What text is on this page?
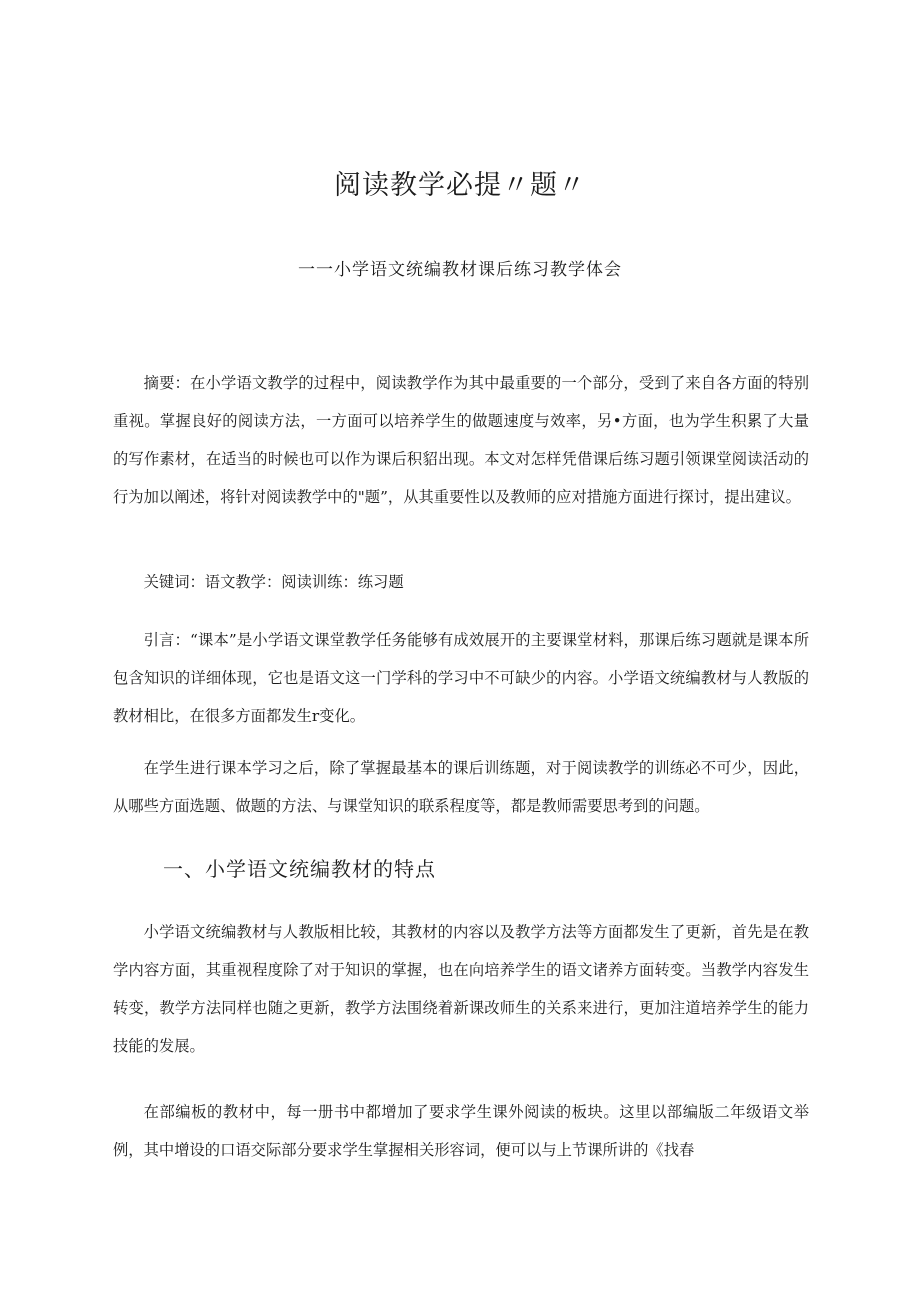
阅读教学必提〃题〃
一一小学语文统编教材课后练习教学体会

摘要：在小学语文教学的过程中，阅读教学作为其中最重要的一个部分，受到了来自各方面的特别重视。掌握良好的阅读方法，一方面可以培养学生的做题速度与效率，另•方面，也为学生积累了大量的写作素材，在适当的时候也可以作为课后积貂出现。本文对怎样凭借课后练习题引领课堂阅读活动的行为加以阐述，将针对阅读教学中的"题”，从其重要性以及教师的应对措施方面进行探讨，提出建议。

关键词：语文教学：阅读训练：练习题

引言：“课本”是小学语文课堂教学任务能够有成效展开的主要课堂材料，那课后练习题就是课本所包含知识的详细体现，它也是语文这一门学科的学习中不可缺少的内容。小学语文统编教材与人教版的教材相比，在很多方面都发生r变化。

在学生进行课本学习之后，除了掌握最基本的课后训练题，对于阅读教学的训练必不可少，因此，从哪些方面选题、做题的方法、与课堂知识的联系程度等，都是教师需要思考到的问题。

一、小学语文统编教材的特点

小学语文统编教材与人教版相比较，其教材的内容以及教学方法等方面都发生了更新，首先是在教学内容方面，其重视程度除了对于知识的掌握，也在向培养学生的语文诸养方面转变。当教学内容发生转变，教学方法同样也随之更新，教学方法围绕着新课改师生的关系来进行，更加注道培养学生的能力技能的发展。

在部编板的教材中，每一册书中都增加了要求学生课外阅读的板块。这里以部编版二年级语文举例，其中增设的口语交际部分要求学生掌握相关形容词，便可以与上节课所讲的《找春
